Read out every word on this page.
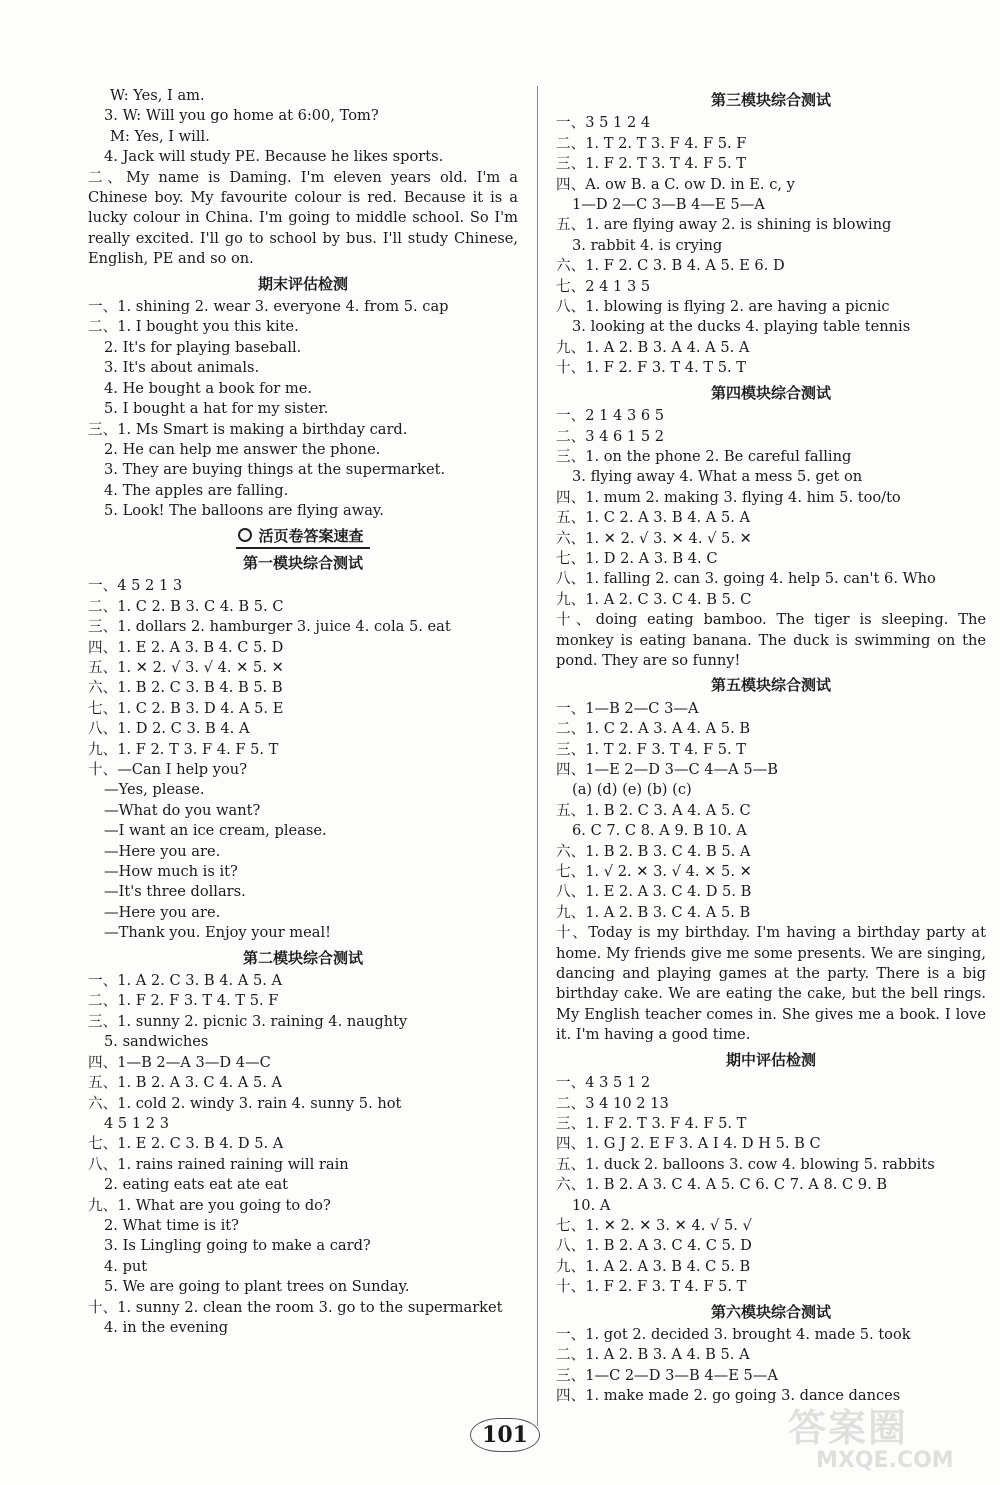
W: Yes, I am.
3. W: Will you go home at 6:00, Tom?
M: Yes, I will.
4. Jack will study PE. Because he likes sports.
二、My name is Daming. I'm eleven years old. I'm a Chinese boy. My favourite colour is red. Because it is a lucky colour in China. I'm going to middle school. So I'm really excited. I'll go to school by bus. I'll study Chinese, English, PE and so on.
期末评估检测
一、1. shining 2. wear 3. everyone 4. from 5. cap
二、1. I bought you this kite.
2. It's for playing baseball.
3. It's about animals.
4. He bought a book for me.
5. I bought a hat for my sister.
三、1. Ms Smart is making a birthday card.
2. He can help me answer the phone.
3. They are buying things at the supermarket.
4. The apples are falling.
5. Look! The balloons are flying away.
活页卷答案速查
第一模块综合测试
一、4 5 2 1 3
二、1. C 2. B 3. C 4. B 5. C
三、1. dollars 2. hamburger 3. juice 4. cola 5. eat
四、1. E 2. A 3. B 4. C 5. D
五、1. ✕ 2. √ 3. √ 4. ✕ 5. ✕
六、1. B 2. C 3. B 4. B 5. B
七、1. C 2. B 3. D 4. A 5. E
八、1. D 2. C 3. B 4. A
九、1. F 2. T 3. F 4. F 5. T
十、—Can I help you?
—Yes, please.
—What do you want?
—I want an ice cream, please.
—Here you are.
—How much is it?
—It's three dollars.
—Here you are.
—Thank you. Enjoy your meal!
第二模块综合测试
一、1. A 2. C 3. B 4. A 5. A
二、1. F 2. F 3. T 4. T 5. F
三、1. sunny 2. picnic 3. raining 4. naughty
5. sandwiches
四、1—B 2—A 3—D 4—C
五、1. B 2. A 3. C 4. A 5. A
六、1. cold 2. windy 3. rain 4. sunny 5. hot
4 5 1 2 3
七、1. E 2. C 3. B 4. D 5. A
八、1. rains rained raining will rain
2. eating eats eat ate eat
九、1. What are you going to do?
2. What time is it?
3. Is Lingling going to make a card?
4. put
5. We are going to plant trees on Sunday.
十、1. sunny 2. clean the room 3. go to the supermarket
4. in the evening
第三模块综合测试
一、3 5 1 2 4
二、1. T 2. T 3. F 4. F 5. F
三、1. F 2. T 3. T 4. F 5. T
四、A. ow B. a C. ow D. in E. c, y
1—D 2—C 3—B 4—E 5—A
五、1. are flying away 2. is shining is blowing
3. rabbit 4. is crying
六、1. F 2. C 3. B 4. A 5. E 6. D
七、2 4 1 3 5
八、1. blowing is flying 2. are having a picnic
3. looking at the ducks 4. playing table tennis
九、1. A 2. B 3. A 4. A 5. A
十、1. F 2. F 3. T 4. T 5. T
第四模块综合测试
一、2 1 4 3 6 5
二、3 4 6 1 5 2
三、1. on the phone 2. Be careful falling
3. flying away 4. What a mess 5. get on
四、1. mum 2. making 3. flying 4. him 5. too/to
五、1. C 2. A 3. B 4. A 5. A
六、1. ✕ 2. √ 3. ✕ 4. √ 5. ✕
七、1. D 2. A 3. B 4. C
八、1. falling 2. can 3. going 4. help 5. can't 6. Who
九、1. A 2. C 3. C 4. B 5. C
十、doing eating bamboo. The tiger is sleeping. The monkey is eating banana. The duck is swimming on the pond. They are so funny!
第五模块综合测试
一、1—B 2—C 3—A
二、1. C 2. A 3. A 4. A 5. B
三、1. T 2. F 3. T 4. F 5. T
四、1—E 2—D 3—C 4—A 5—B
(a) (d) (e) (b) (c)
五、1. B 2. C 3. A 4. A 5. C
6. C 7. C 8. A 9. B 10. A
六、1. B 2. B 3. C 4. B 5. A
七、1. √ 2. ✕ 3. √ 4. ✕ 5. ✕
八、1. E 2. A 3. C 4. D 5. B
九、1. A 2. B 3. C 4. A 5. B
十、Today is my birthday. I'm having a birthday party at home. My friends give me some presents. We are singing, dancing and playing games at the party. There is a big birthday cake. We are eating the cake, but the bell rings. My English teacher comes in. She gives me a book. I love it. I'm having a good time.
期中评估检测
一、4 3 5 1 2
二、3 4 10 2 13
三、1. F 2. T 3. F 4. F 5. T
四、1. G J 2. E F 3. A I 4. D H 5. B C
五、1. duck 2. balloons 3. cow 4. blowing 5. rabbits
六、1. B 2. A 3. C 4. A 5. C 6. C 7. A 8. C 9. B
10. A
七、1. ✕ 2. ✕ 3. ✕ 4. √ 5. √
八、1. B 2. A 3. C 4. C 5. D
九、1. A 2. A 3. B 4. C 5. B
十、1. F 2. F 3. T 4. F 5. T
第六模块综合测试
一、1. got 2. decided 3. brought 4. made 5. took
二、1. A 2. B 3. A 4. B 5. A
三、1—C 2—D 3—B 4—E 5—A
四、1. make made 2. go going 3. dance dances
101	答案圈
MXQE.COM
